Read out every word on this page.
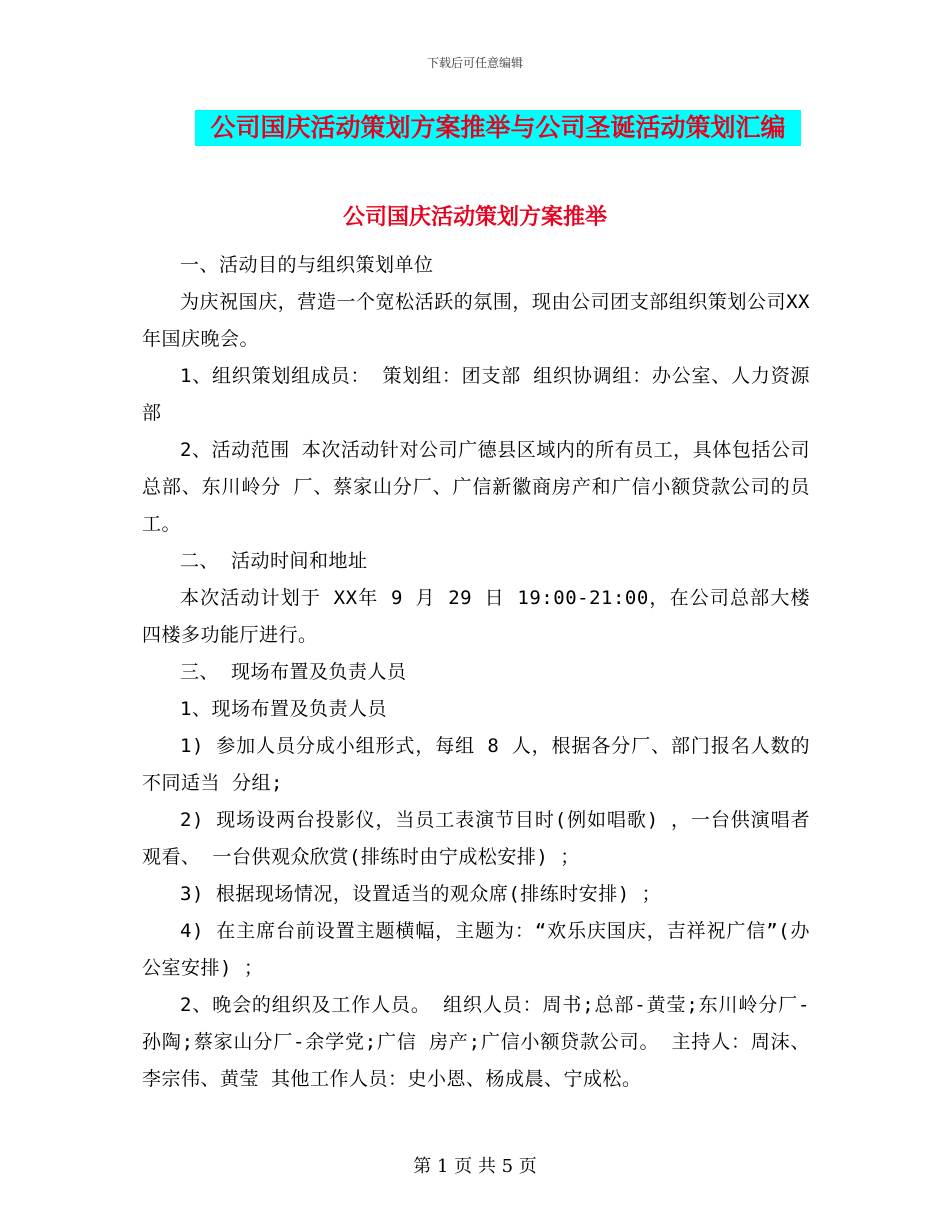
下载后可任意编辑
公司国庆活动策划方案推举与公司圣诞活动策划汇编
公司国庆活动策划方案推举

一、活动目的与组织策划单位

为庆祝国庆，营造一个宽松活跃的氛围，现由公司团支部组织策划公司XX 年国庆晚会。

1、组织策划组成员： 策划组：团支部 组织协调组：办公室、人力资源部

2、活动范围 本次活动针对公司广德县区域内的所有员工，具体包括公司总部、东川岭分 厂、蔡家山分厂、广信新徽商房产和广信小额贷款公司的员工。

二、 活动时间和地址

本次活动计划于 XX年 9 月 29 日 19:00-21:00，在公司总部大楼四楼多功能厅进行。

三、 现场布置及负责人员

1、现场布置及负责人员

1) 参加人员分成小组形式，每组 8 人，根据各分厂、部门报名人数的不同适当 分组;

2) 现场设两台投影仪，当员工表演节目时(例如唱歌) ，一台供演唱者观看、 一台供观众欣赏(排练时由宁成松安排) ；

3) 根据现场情况，设置适当的观众席(排练时安排) ；

4) 在主席台前设置主题横幅，主题为：“欢乐庆国庆，吉祥祝广信”(办公室安排) ；

2、晚会的组织及工作人员。 组织人员：周书;总部-黄莹;东川岭分厂-孙陶;蔡家山分厂-余学党;广信 房产;广信小额贷款公司。 主持人：周沫、李宗伟、黄莹 其他工作人员：史小恩、杨成晨、宁成松。

第 1 页 共 5 页
